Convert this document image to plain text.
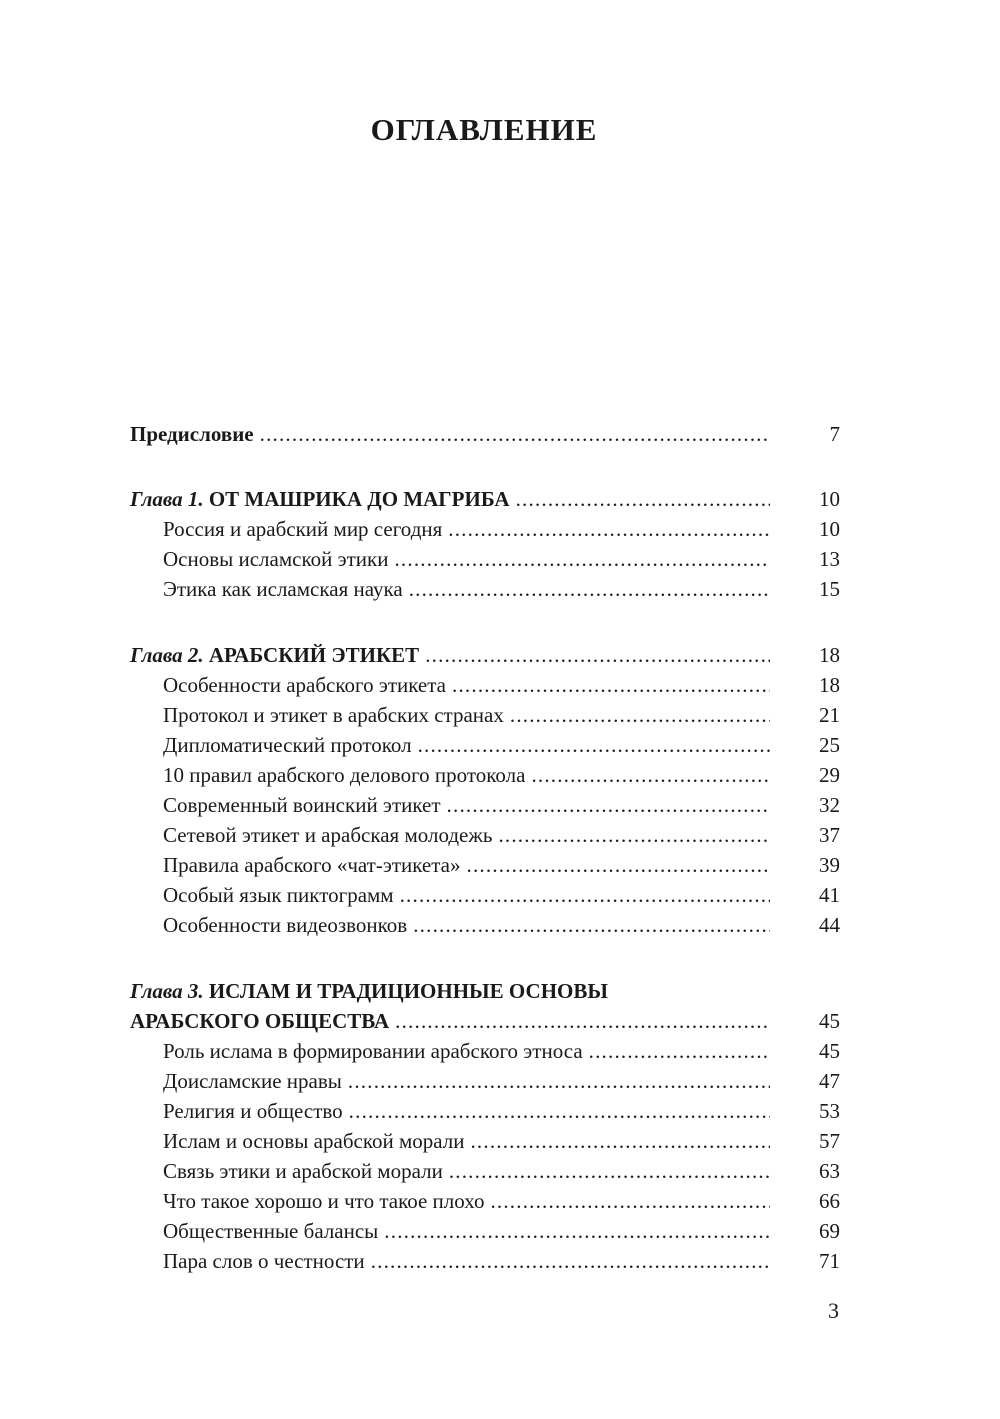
ОГЛАВЛЕНИЕ
Предисловие .....	7
Глава 1. ОТ МАШРИКА ДО МАГРИБА .....	10
Россия и арабский мир сегодня .....	10
Основы исламской этики .....	13
Этика как исламская наука .....	15
Глава 2. АРАБСКИЙ ЭТИКЕТ .....	18
Особенности арабского этикета .....	18
Протокол и этикет в арабских странах .....	21
Дипломатический протокол .....	25
10 правил арабского делового протокола .....	29
Современный воинский этикет .....	32
Сетевой этикет и арабская молодежь .....	37
Правила арабского «чат-этикета» .....	39
Особый язык пиктограмм .....	41
Особенности видеозвонков .....	44
Глава 3. ИСЛАМ И ТРАДИЦИОННЫЕ ОСНОВЫ
АРАБСКОГО ОБЩЕСТВА .....	45
Роль ислама в формировании арабского этноса .....	45
Доисламские нравы .....	47
Религия и общество .....	53
Ислам и основы арабской морали .....	57
Связь этики и арабской морали .....	63
Что такое хорошо и что такое плохо .....	66
Общественные балансы .....	69
Пара слов о честности .....	71
3
